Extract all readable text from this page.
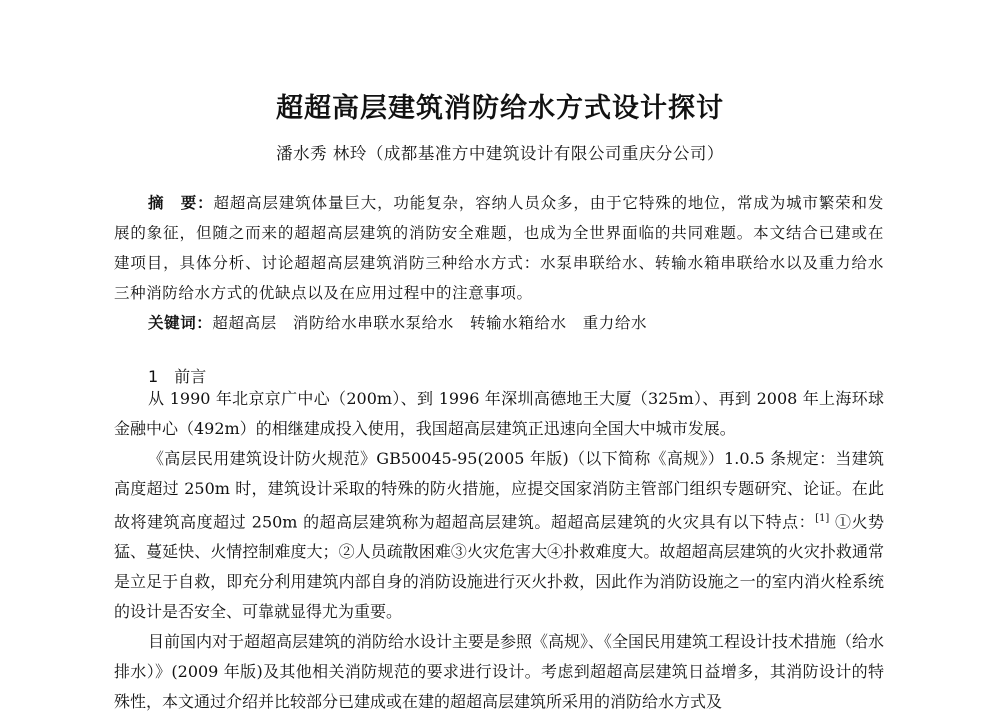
超超高层建筑消防给水方式设计探讨
潘水秀 林玲（成都基准方中建筑设计有限公司重庆分公司）
摘　要：超超高层建筑体量巨大，功能复杂，容纳人员众多，由于它特殊的地位，常成为城市繁荣和发展的象征，但随之而来的超超高层建筑的消防安全难题，也成为全世界面临的共同难题。本文结合已建或在建项目，具体分析、讨论超超高层建筑消防三种给水方式：水泵串联给水、转输水箱串联给水以及重力给水三种消防给水方式的优缺点以及在应用过程中的注意事项。
关键词：超超高层　消防给水串联水泵给水　转输水箱给水　重力给水
1 前言

从 1990 年北京京广中心（200m）、到 1996 年深圳高德地王大厦（325m）、再到 2008 年上海环球金融中心（492m）的相继建成投入使用，我国超高层建筑正迅速向全国大中城市发展。

《高层民用建筑设计防火规范》GB50045-95(2005 年版)（以下简称《高规》）1.0.5 条规定：当建筑高度超过 250m 时，建筑设计采取的特殊的防火措施，应提交国家消防主管部门组织专题研究、论证。在此故将建筑高度超过 250m 的超高层建筑称为超超高层建筑。超超高层建筑的火灾具有以下特点：[1] ①火势猛、蔓延快、火情控制难度大；②人员疏散困难③火灾危害大④扑救难度大。故超超高层建筑的火灾扑救通常是立足于自救，即充分利用建筑内部自身的消防设施进行灭火扑救，因此作为消防设施之一的室内消火栓系统的设计是否安全、可靠就显得尤为重要。

目前国内对于超超高层建筑的消防给水设计主要是参照《高规》、《全国民用建筑工程设计技术措施（给水排水）》(2009 年版)及其他相关消防规范的要求进行设计。考虑到超超高层建筑日益增多，其消防设计的特殊性，本文通过介绍并比较部分已建成或在建的超超高层建筑所采用的消防给水方式及
